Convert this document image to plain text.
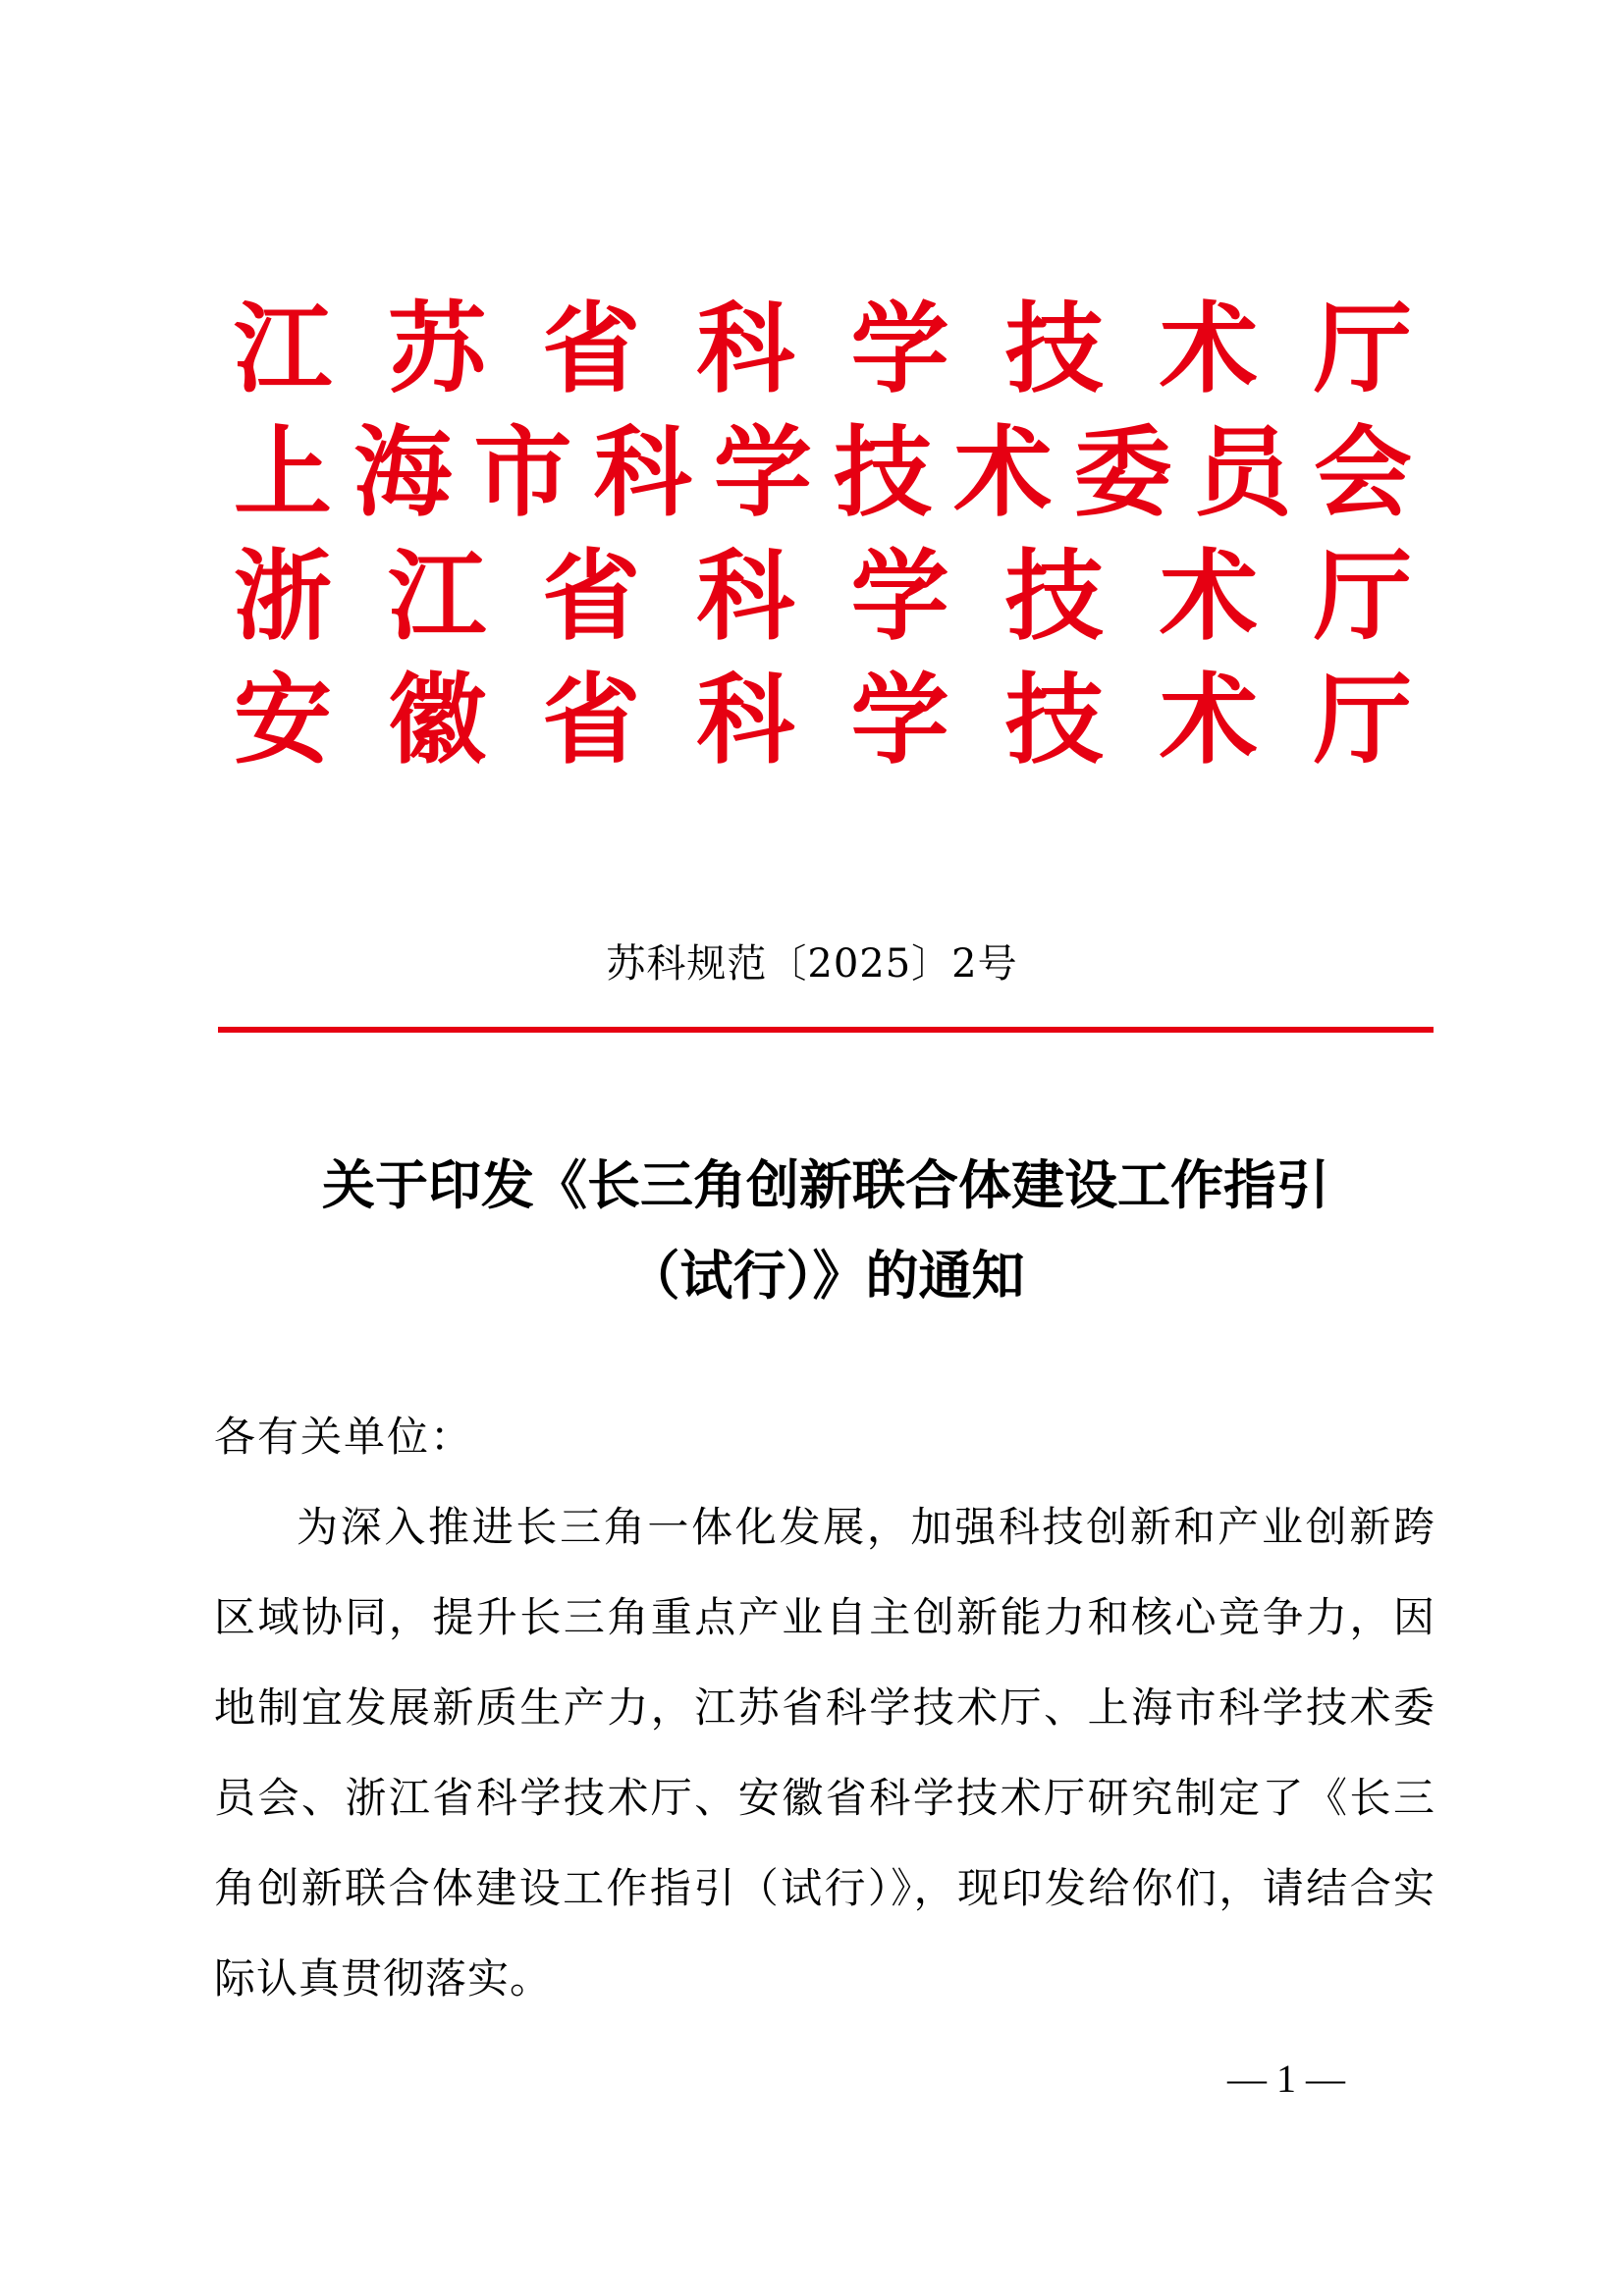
江 苏 省 科 学 技 术 厅
上 海 市 科 学 技 术 委 员 会
浙 江 省 科 学 技 术 厅
安 徽 省 科 学 技 术 厅
苏科规范〔2025〕2号
关于印发《长三角创新联合体建设工作指引
（试行）》的通知
各有关单位：
为深入推进长三角一体化发展，加强科技创新和产业创新跨
区域协同，提升长三角重点产业自主创新能力和核心竞争力，因
地制宜发展新质生产力，江苏省科学技术厅、上海市科学技术委
员会、浙江省科学技术厅、安徽省科学技术厅研究制定了《长三
角创新联合体建设工作指引（试行）》，现印发给你们，请结合实
际认真贯彻落实。
— 1 —
